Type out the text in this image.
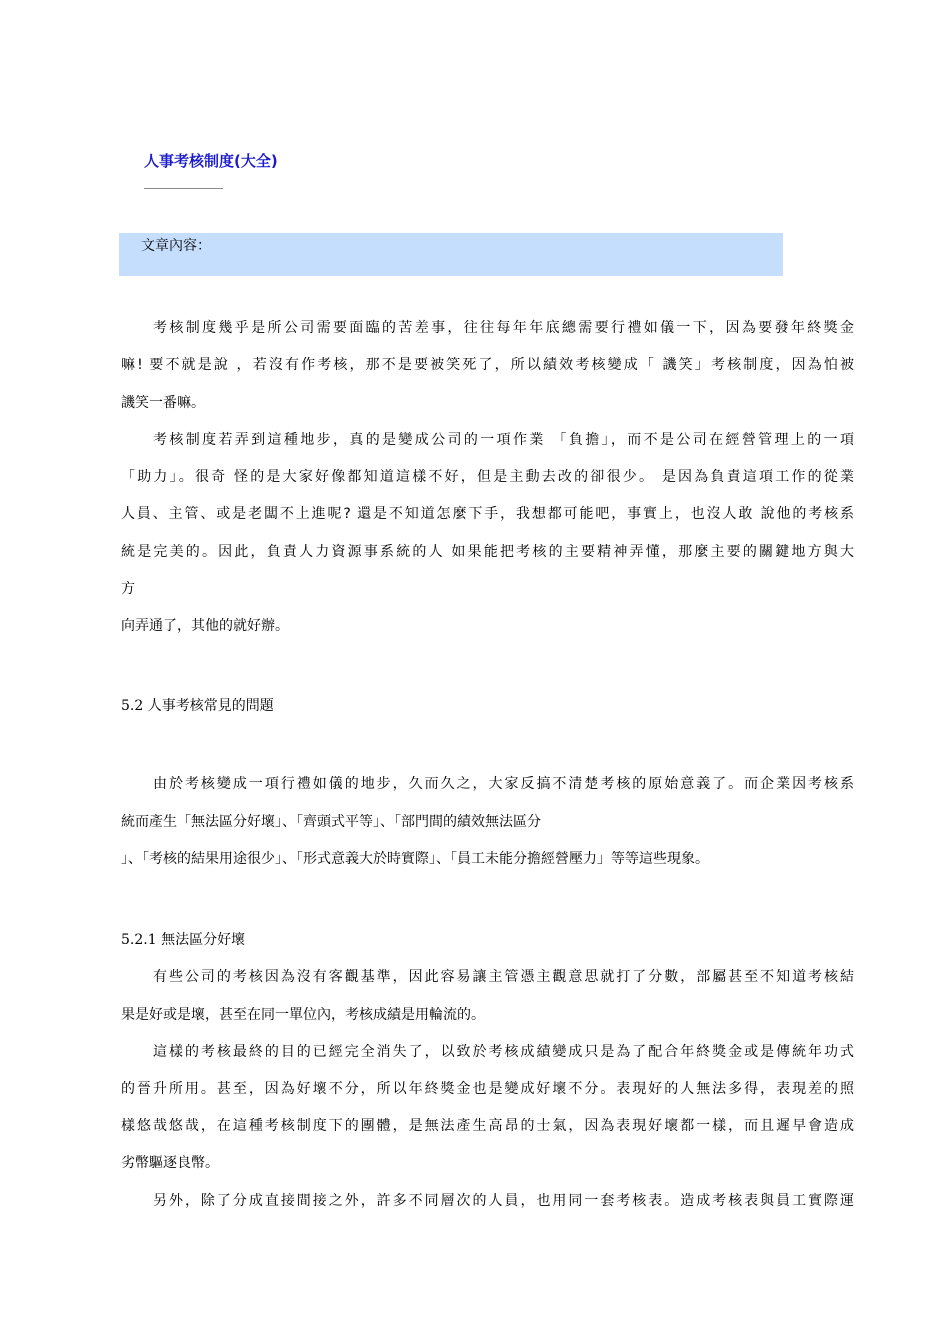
人事考核制度(大全)
文章內容：
考核制度幾乎是所公司需要面臨的苦差事，往往每年年底總需要行禮如儀一下，因為要發年終獎金
嘛! 要不就是說 ，若沒有作考核，那不是要被笑死了，所以績效考核變成「 譏笑」考核制度，因為怕被
譏笑一番嘛。
考核制度若弄到這種地步，真的是變成公司的一項作業 「負擔」，而不是公司在經營管理上的一項
「助力」。很奇 怪的是大家好像都知道這樣不好，但是主動去改的卻很少。 是因為負責這項工作的從業
人員、主管、或是老闆不上進呢? 還是不知道怎麼下手，我想都可能吧，事實上，也沒人敢 說他的考核系
統是完美的。因此，負責人力資源事系統的人 如果能把考核的主要精神弄懂，那麼主要的關鍵地方與大
方
向弄通了，其他的就好辦。
5.2 人事考核常見的問題
由於考核變成一項行禮如儀的地步，久而久之，大家反搞不清楚考核的原始意義了。而企業因考核系
統而產生「無法區分好壞」、「齊頭式平等」、「部門間的績效無法區分
」、「考核的結果用途很少」、「形式意義大於時實際」、「員工未能分擔經營壓力」等等這些現象。
5.2.1 無法區分好壞
有些公司的考核因為沒有客觀基準，因此容易讓主管憑主觀意思就打了分數，部屬甚至不知道考核結
果是好或是壞，甚至在同一單位內，考核成績是用輪流的。
這樣的考核最終的目的已經完全消失了，以致於考核成績變成只是為了配合年終獎金或是傳統年功式
的晉升所用。甚至，因為好壞不分，所以年終獎金也是變成好壞不分。表現好的人無法多得，表現差的照
樣悠哉悠哉，在這種考核制度下的團體，是無法產生高昂的士氣，因為表現好壞都一樣，而且遲早會造成
劣幣驅逐良幣。
另外，除了分成直接間接之外，許多不同層次的人員，也用同一套考核表。造成考核表與員工實際運
